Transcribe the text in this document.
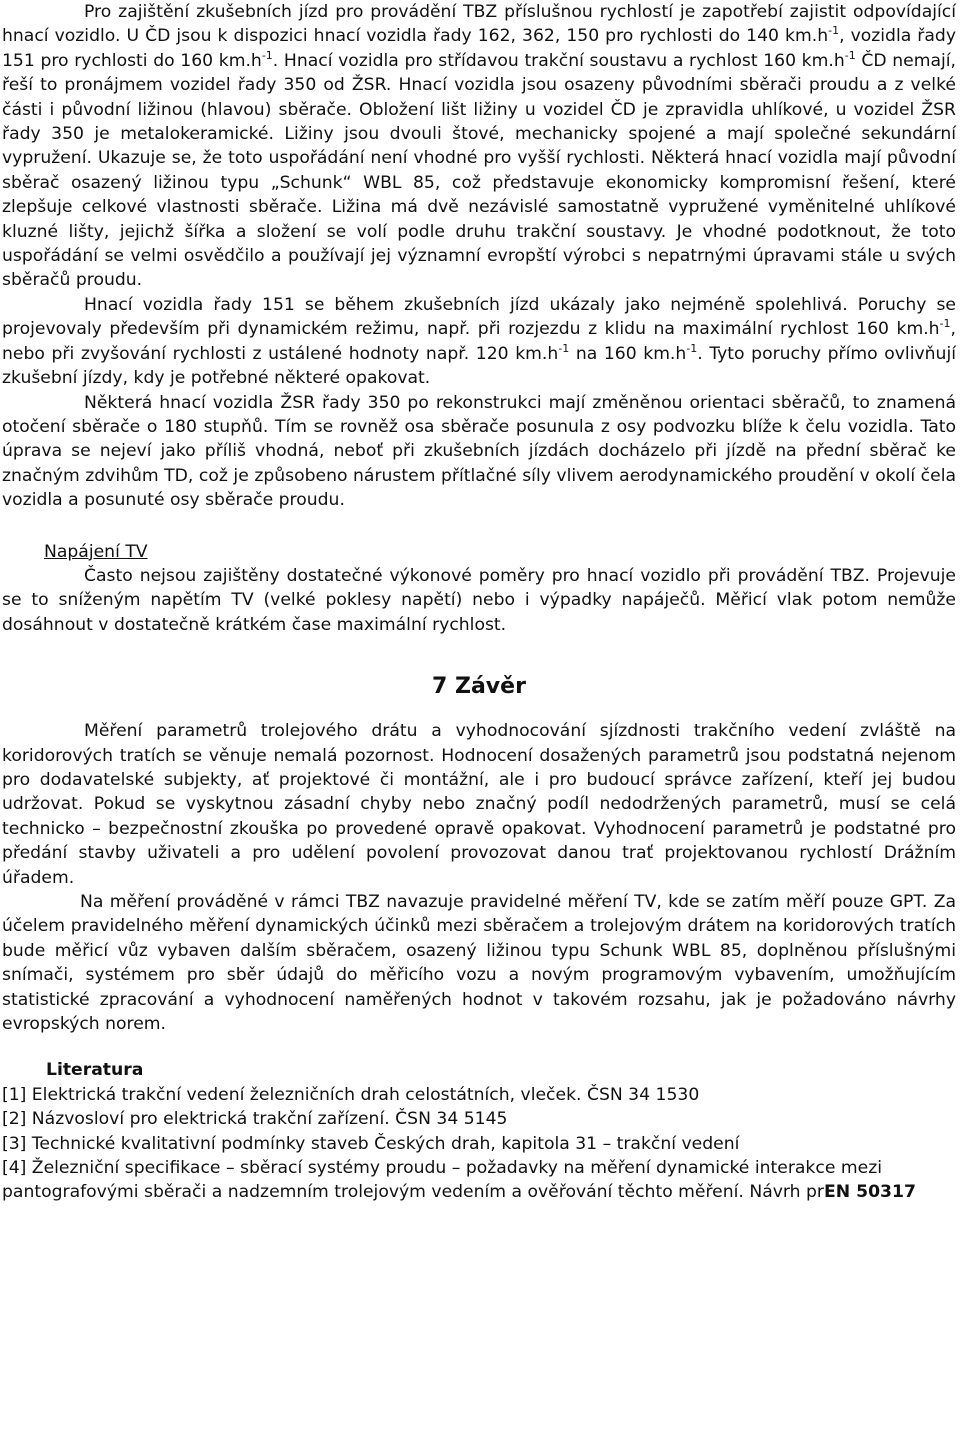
Pro zajištění zkušebních jízd pro provádění TBZ příslušnou rychlostí je zapotřebí zajistit odpovídající hnací vozidlo. U ČD jsou k dispozici hnací vozidla řady 162, 362, 150 pro rychlosti do 140 $km.h^{-1}$, vozidla řady 151 pro rychlosti do 160 $km.h^{-1}$. Hnací vozidla pro střídavou trakční soustavu a rychlost 160 $km.h^{-1}$ ČD nemají, řeší to pronájmem vozidel řady 350 od ŽSR. Hnací vozidla jsou osazeny původními sběrači proudu a z velké části i původní ližinou (hlavou) sběrače. Obložení lišt ližiny u vozidel ČD je zpravidla uhlíkové, u vozidel ŽSR řady 350 je metalokeramické. Ližiny jsou dvouli štové, mechanicky spojené a mají společné sekundární vypružení. Ukazuje se, že toto uspořádání není vhodné pro vyšší rychlosti. Některá hnací vozidla mají původní sběrač osazený ližinou typu „Schunk“ WBL 85, což představuje ekonomicky kompromisní řešení, které zlepšuje celkové vlastnosti sběrače. Ližina má dvě nezávislé samostatně vypružené vyměnitelné uhlíkové kluzné lišty, jejichž šířka a složení se volí podle druhu trakční soustavy. Je vhodné podotknout, že toto uspořádání se velmi osvědčilo a používají jej významní evropští výrobci s nepatrnými úpravami stále u svých sběračů proudu.

Hnací vozidla řady 151 se během zkušebních jízd ukázaly jako nejméně spolehlivá. Poruchy se projevovaly především při dynamickém režimu, např. při rozjezdu z klidu na maximální rychlost 160 $km.h^{-1}$, nebo při zvyšování rychlosti z ustálené hodnoty např. 120 $km.h^{-1}$ na 160 $km.h^{-1}$. Tyto poruchy přímo ovlivňují zkušební jízdy, kdy je potřebné některé opakovat.

Některá hnací vozidla ŽSR řady 350 po rekonstrukci mají změněnou orientaci sběračů, to znamená otočení sběrače o 180 stupňů. Tím se rovněž osa sběrače posunula z osy podvozku blíže k čelu vozidla. Tato úprava se nejeví jako příliš vhodná, neboť při zkušebních jízdách docházelo při jízdě na přední sběrač ke značným zdvihům TD, což je způsobeno nárustem přítlačné síly vlivem aerodynamického proudění v okolí čela vozidla a posunuté osy sběrače proudu.

Napájení TV

Často nejsou zajištěny dostatečné výkonové poměry pro hnací vozidlo při provádění TBZ. Projevuje se to sníženým napětím TV (velké poklesy napětí) nebo i výpadky napáječů. Měřicí vlak potom nemůže dosáhnout v dostatečně krátkém čase maximální rychlost.

7 Závěr

Měření parametrů trolejového drátu a vyhodnocování sjízdnosti trakčního vedení zvláště na koridorových tratích se věnuje nemalá pozornost. Hodnocení dosažených parametrů jsou podstatná nejenom pro dodavatelské subjekty, ať projektové či montážní, ale i pro budoucí správce zařízení, kteří jej budou udržovat. Pokud se vyskytnou zásadní chyby nebo značný podíl nedodržených parametrů, musí se celá technicko – bezpečnostní zkouška po provedené opravě opakovat. Vyhodnocení parametrů je podstatné pro předání stavby uživateli a pro udělení povolení provozovat danou trať projektovanou rychlostí Drážním úřadem.

Na měření prováděné v rámci TBZ navazuje pravidelné měření TV, kde se zatím měří pouze GPT. Za účelem pravidelného měření dynamických účinků mezi sběračem a trolejovým drátem na koridorových tratích bude měřicí vůz vybaven dalším sběračem, osazený ližinou typu Schunk WBL 85, doplněnou příslušnými snímači, systémem pro sběr údajů do měřicího vozu a novým programovým vybavením, umožňujícím statistické zpracování a vyhodnocení naměřených hodnot v takovém rozsahu, jak je požadováno návrhy evropských norem.

Literatura

[1] Elektrická trakční vedení železničních drah celostátních, vleček. ČSN 34 1530

[2] Názvosloví pro elektrická trakční zařízení. ČSN 34 5145

[3] Technické kvalitativní podmínky staveb Českých drah, kapitola 31 – trakční vedení

[4] Železniční specifikace – sběrací systémy proudu – požadavky na měření dynamické interakce mezi pantografovými sběrači a nadzemním trolejovým vedením a ověřování těchto měření. Návrh prEN 50317
